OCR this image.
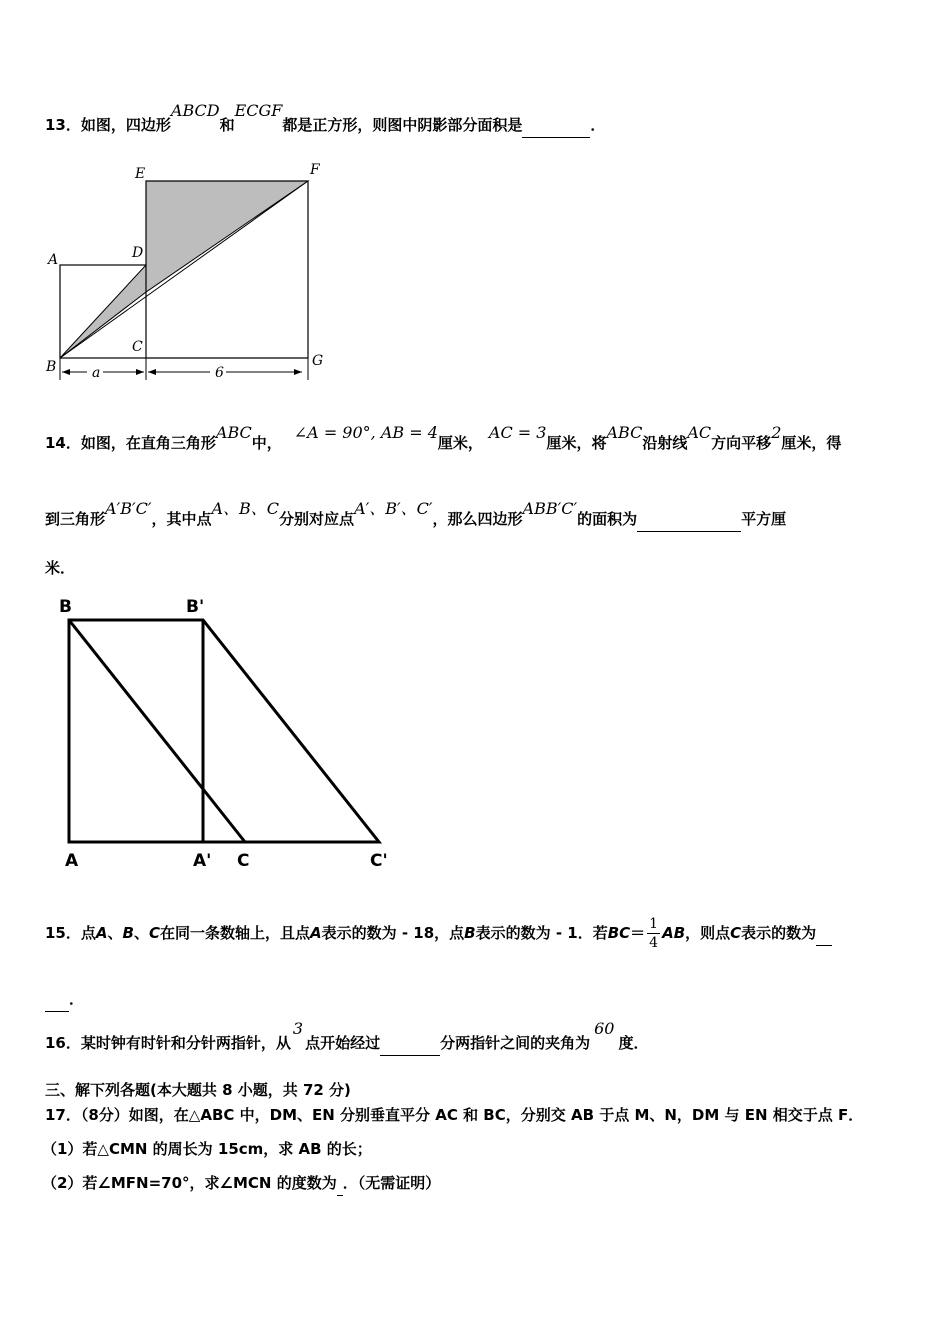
13．如图，四边形ABCD和ECGF都是正方形，则图中阴影部分面积是	．
E	F
A	D
B
C
G
a	6
14．如图，在直角三角形ABC中，∠A = 90°, AB = 4厘米，AC = 3厘米，将ABC沿射线AC方向平移2厘米，得
到三角形A′B′C′，其中点A、B、C分别对应点A′、B′、C′，那么四边形ABB′C′的面积为	平方厘
米．
B	B'
A	A' C	C'
15．点A、B、C在同一条数轴上，且点A表示的数为 - 18，点B表示的数为 - 1．若$BC= \frac{1}{4}$ AB，则点C表示的数为
．
16．某时钟有时针和分针两指针，从3点开始经过	分两指针之间的夹角为60度．
三、解下列各题(本大题共 8 小题，共 72 分)
17．（8分）如图，在△ABC 中，DM、EN 分别垂直平分 AC 和 BC，分别交 AB 于点 M、N，DM 与 EN 相交于点 F．
（1）若△CMN 的周长为 15cm，求 AB 的长；
（2）若∠MFN=70°，求∠MCN 的度数为 ．（无需证明）
